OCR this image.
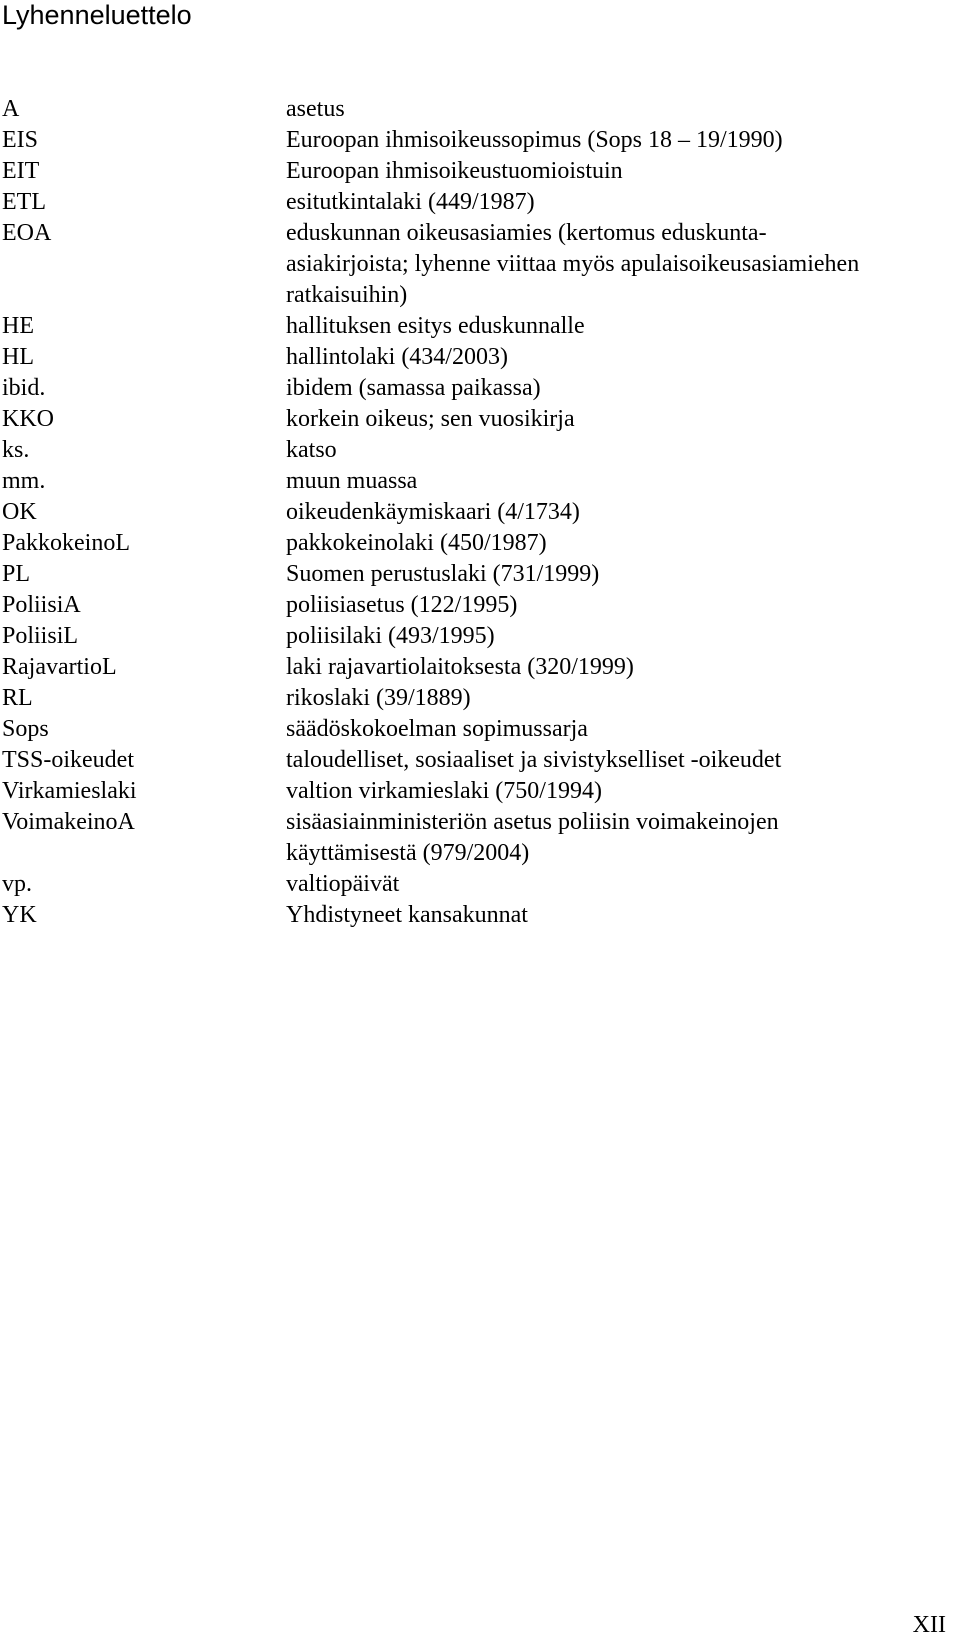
Lyhenneluettelo
A	asetus
EIS	Euroopan ihmisoikeussopimus (Sops 18 – 19/1990)
EIT	Euroopan ihmisoikeustuomioistuin
ETL	esitutkintalaki (449/1987)
EOA	eduskunnan oikeusasiamies (kertomus eduskunta-
asiakirjoista; lyhenne viittaa myös apulaisoikeusasiamiehen
ratkaisuihin)
HE	hallituksen esitys eduskunnalle
HL	hallintolaki (434/2003)
ibid.	ibidem (samassa paikassa)
KKO	korkein oikeus; sen vuosikirja
ks.	katso
mm.	muun muassa
OK	oikeudenkäymiskaari (4/1734)
PakkokeinoL	pakkokeinolaki (450/1987)
PL	Suomen perustuslaki (731/1999)
PoliisiA	poliisiasetus (122/1995)
PoliisiL	poliisilaki (493/1995)
RajavartioL	laki rajavartiolaitoksesta (320/1999)
RL	rikoslaki (39/1889)
Sops	säädöskokoelman sopimussarja
TSS-oikeudet	taloudelliset, sosiaaliset ja sivistykselliset -oikeudet
Virkamieslaki	valtion virkamieslaki (750/1994)
VoimakeinoA	sisäasiainministeriön asetus poliisin voimakeinojen
käyttämisestä (979/2004)
vp.	valtiopäivät
YK	Yhdistyneet kansakunnat
XII
